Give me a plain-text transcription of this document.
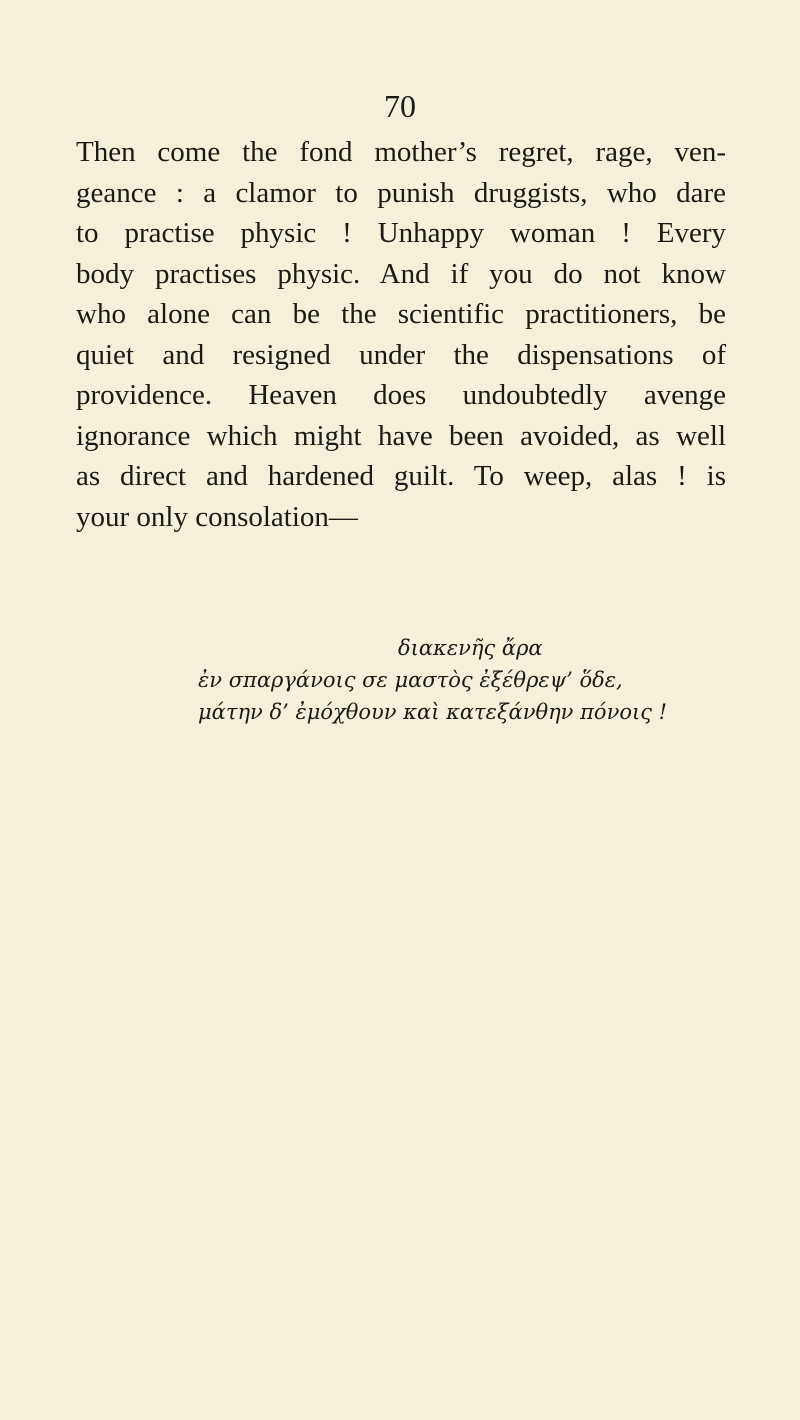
70
Then come the fond mother’s regret, rage, ven-
geance : a clamor to punish druggists, who dare
to practise physic ! Unhappy woman ! Every
body practises physic. And if you do not know
who alone can be the scientific practitioners, be
quiet and resigned under the dispensations of
providence. Heaven does undoubtedly avenge
ignorance which might have been avoided, as well
as direct and hardened guilt. To weep, alas ! is
your only consolation—
διακενῆς ἄρα
ἐν σπαργάνοις σε μαστὸς ἐξέθρεψ’ ὅδε,
μάτην δ’ ἐμόχθουν καὶ κατεξάνθην πόνοις !
